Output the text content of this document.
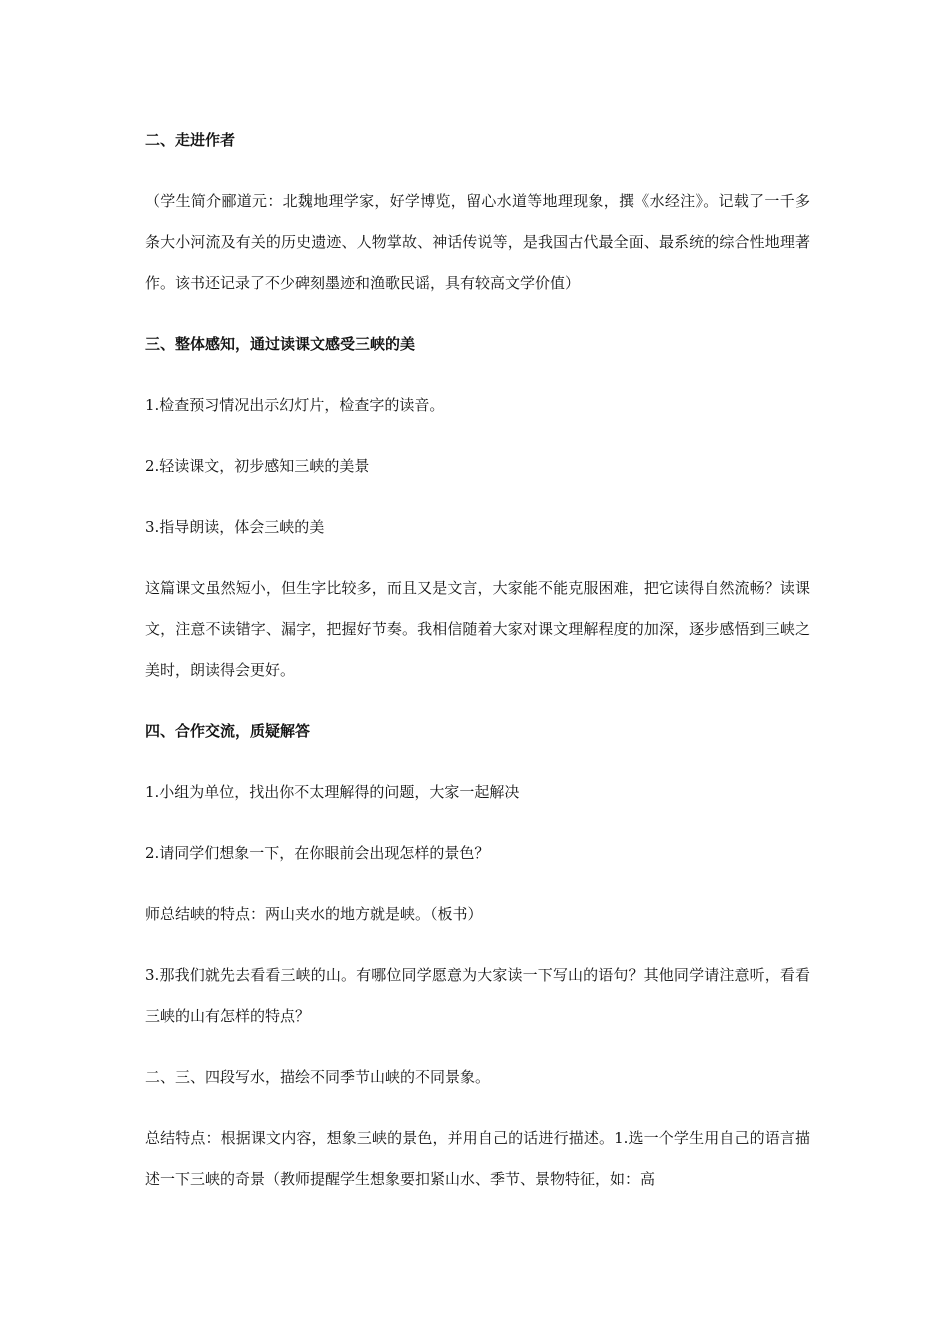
二、走进作者

（学生简介郦道元：北魏地理学家，好学博览，留心水道等地理现象，撰《水经注》。记载了一千多条大小河流及有关的历史遗迹、人物掌故、神话传说等，是我国古代最全面、最系统的综合性地理著作。该书还记录了不少碑刻墨迹和渔歌民谣，具有较高文学价值）

三、整体感知，通过读课文感受三峡的美

1.检查预习情况出示幻灯片，检查字的读音。

2.轻读课文，初步感知三峡的美景

3.指导朗读，体会三峡的美

这篇课文虽然短小，但生字比较多，而且又是文言，大家能不能克服困难，把它读得自然流畅？读课文，注意不读错字、漏字，把握好节奏。我相信随着大家对课文理解程度的加深，逐步感悟到三峡之美时，朗读得会更好。

四、合作交流，质疑解答

1.小组为单位，找出你不太理解得的问题，大家一起解决

2.请同学们想象一下，在你眼前会出现怎样的景色？

师总结峡的特点：两山夹水的地方就是峡。（板书）

3.那我们就先去看看三峡的山。有哪位同学愿意为大家读一下写山的语句？其他同学请注意听，看看三峡的山有怎样的特点？

二、三、四段写水，描绘不同季节山峡的不同景象。

总结特点：根据课文内容，想象三峡的景色，并用自己的话进行描述。1.选一个学生用自己的语言描述一下三峡的奇景（教师提醒学生想象要扣紧山水、季节、景物特征，如：高
